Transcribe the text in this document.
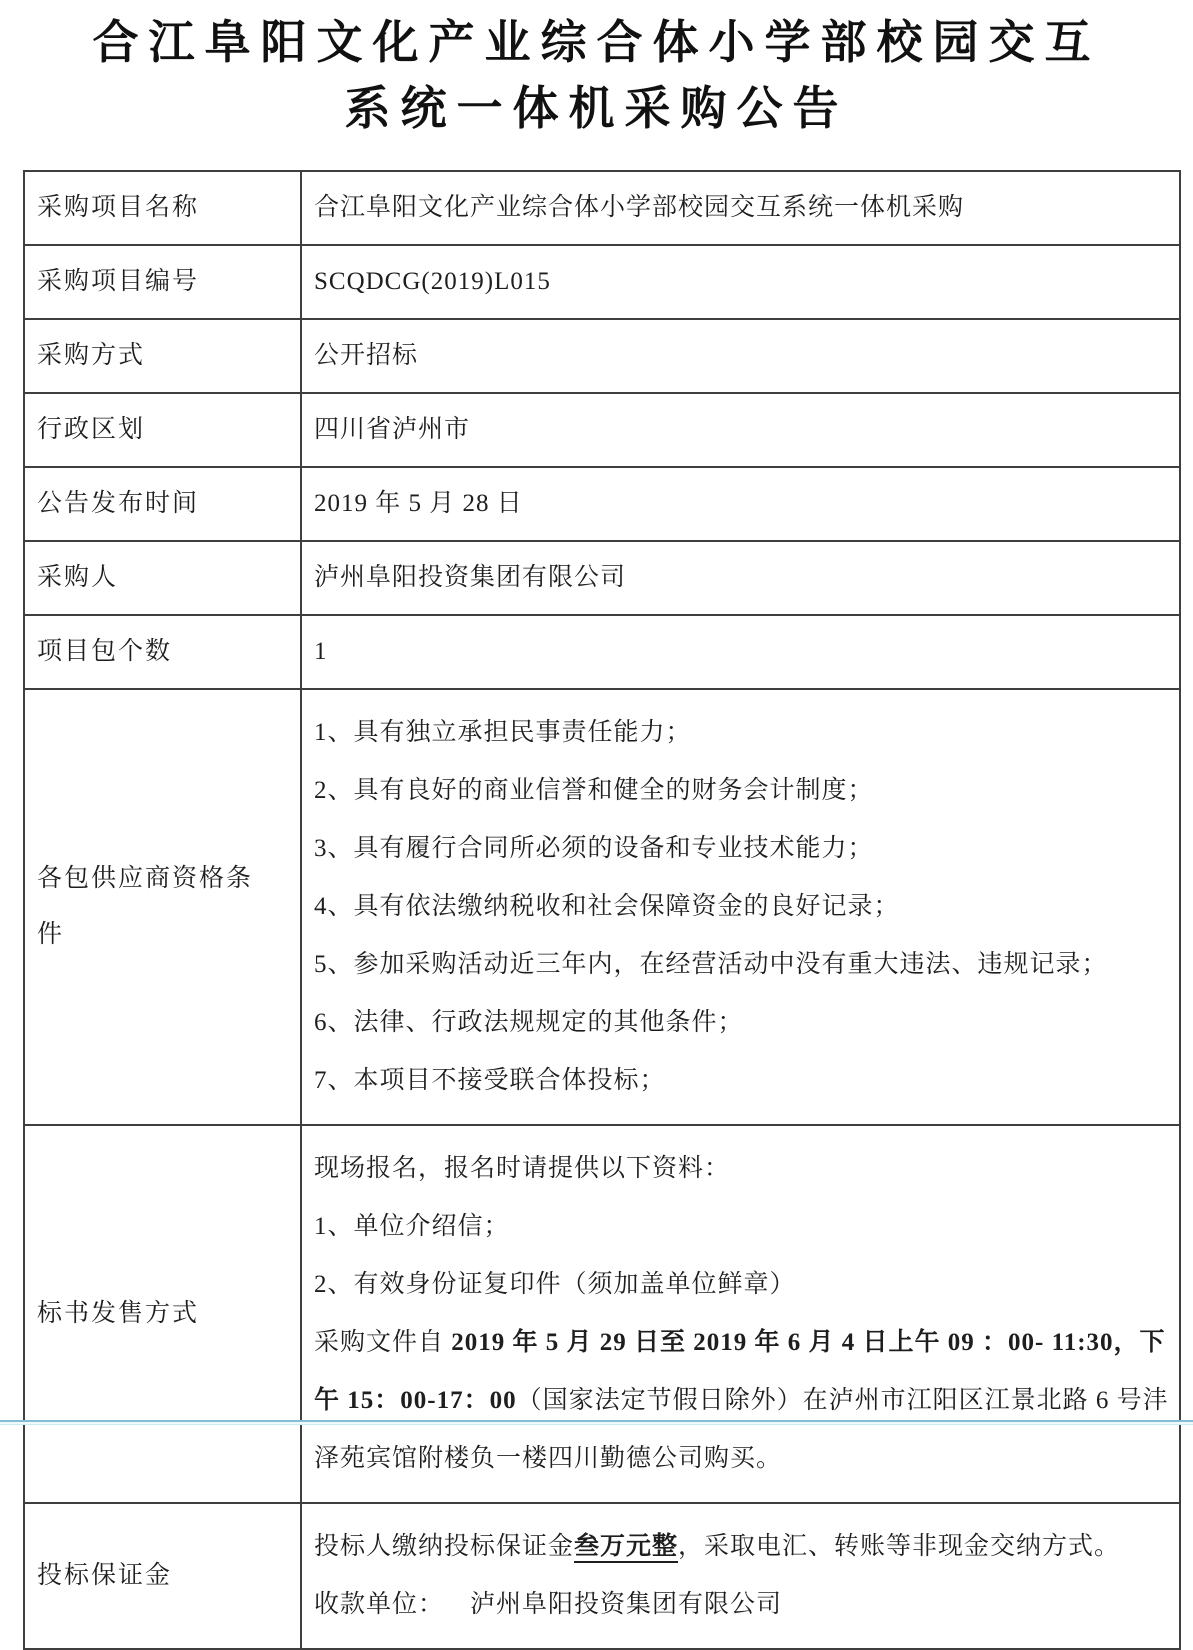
合江阜阳文化产业综合体小学部校园交互
系统一体机采购公告
采购项目名称	合江阜阳文化产业综合体小学部校园交互系统一体机采购
采购项目编号	SCQDCG(2019)L015
采购方式	公开招标
行政区划	四川省泸州市
公告发布时间	2019 年 5 月 28 日
采购人	泸州阜阳投资集团有限公司
项目包个数	1
各包供应商资格条件	
1、具有独立承担民事责任能力；
2、具有良好的商业信誉和健全的财务会计制度；
3、具有履行合同所必须的设备和专业技术能力；
4、具有依法缴纳税收和社会保障资金的良好记录；
5、参加采购活动近三年内，在经营活动中没有重大违法、违规记录；
6、法律、行政法规规定的其他条件；
7、本项目不接受联合体投标；

标书发售方式	现场报名，报名时请提供以下资料：
1、单位介绍信；
2、有效身份证复印件（须加盖单位鲜章）
采购文件自 2019 年 5 月 29 日至 2019 年 6 月 4 日上午 09 ：00- 11:30，下午 15：00-17：00（国家法定节假日除外）在泸州市江阳区江景北路 6 号沣泽苑宾馆附楼负一楼四川勤德公司购买。

投标保证金	投标人缴纳投标保证金叁万元整，采取电汇、转账等非现金交纳方式。
收款单位： 泸州阜阳投资集团有限公司
